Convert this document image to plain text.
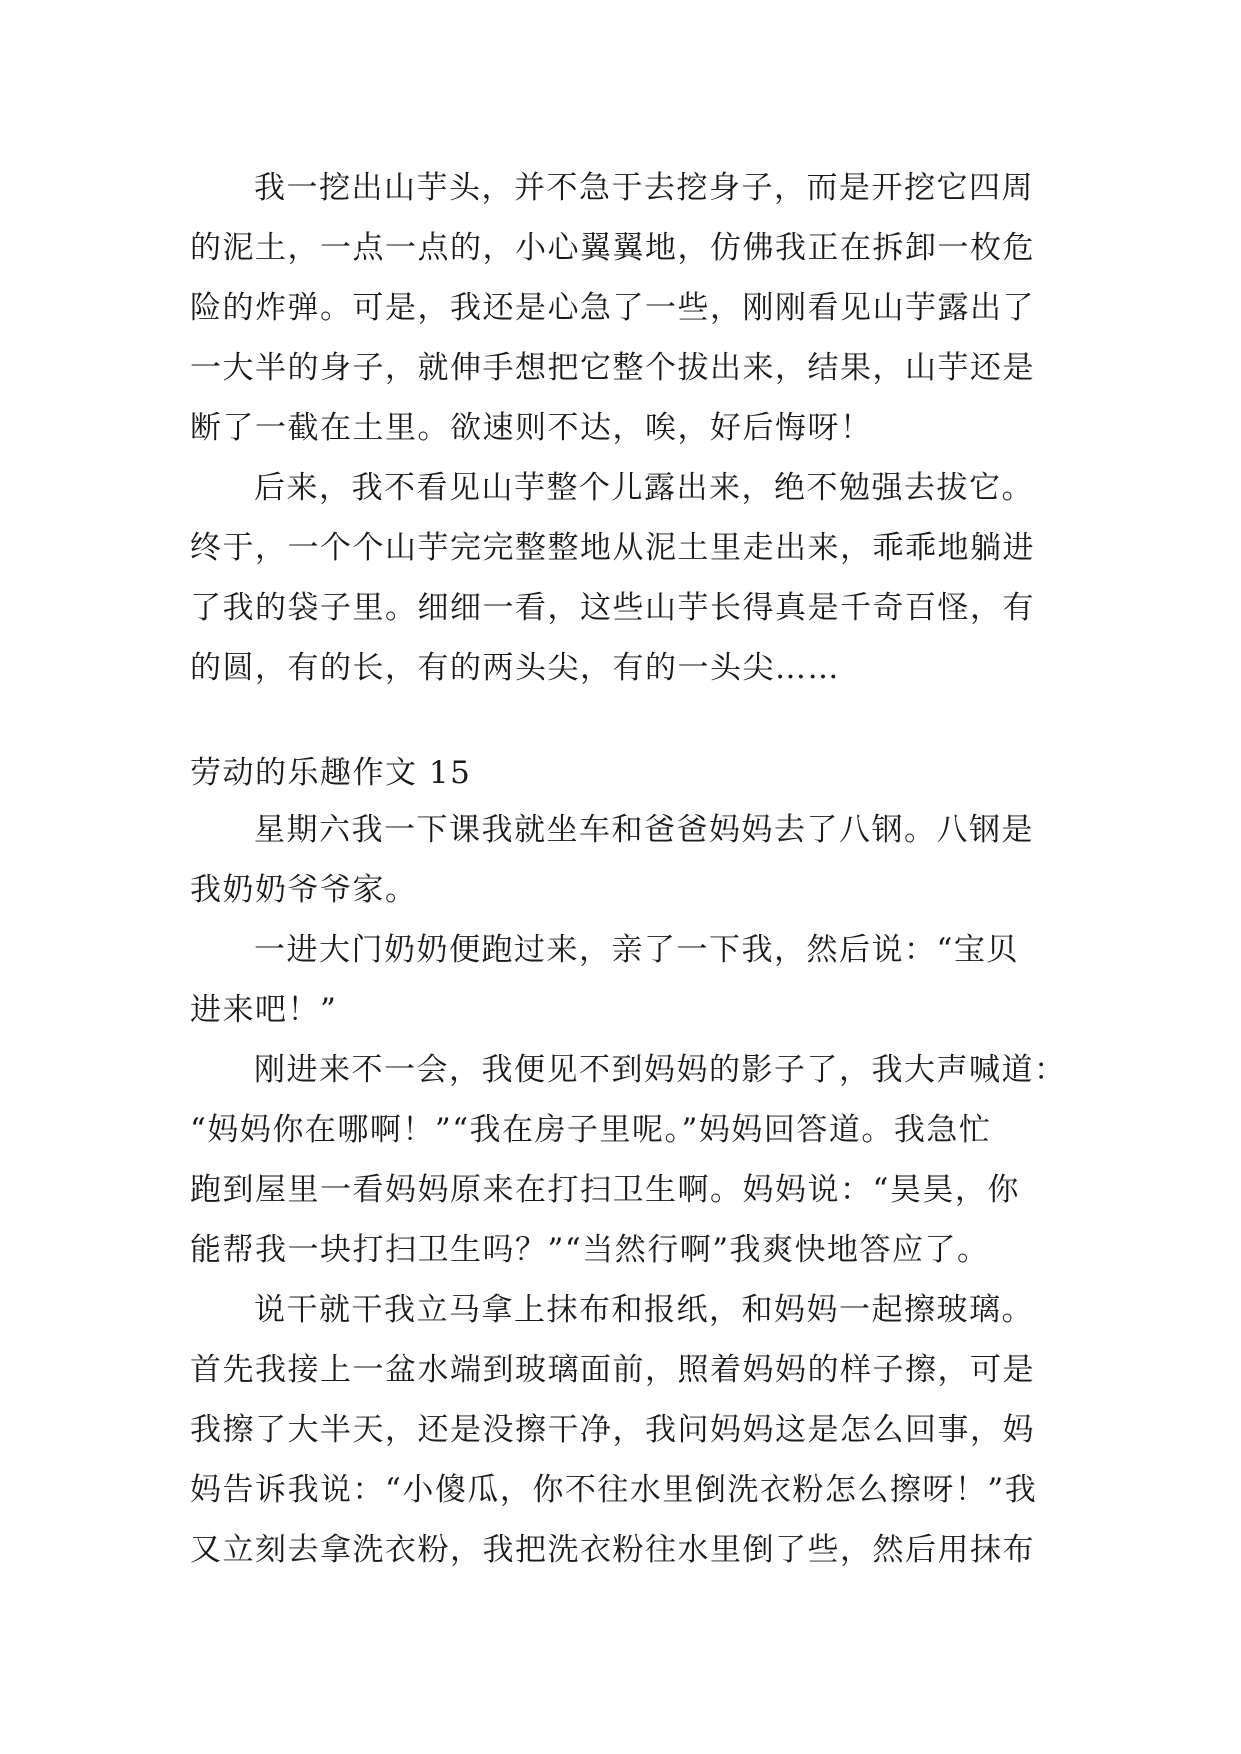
我一挖出山芋头，并不急于去挖身子，而是开挖它四周
的泥土，一点一点的，小心翼翼地，仿佛我正在拆卸一枚危
险的炸弹。可是，我还是心急了一些，刚刚看见山芋露出了
一大半的身子，就伸手想把它整个拔出来，结果，山芋还是
断了一截在土里。欲速则不达，唉，好后悔呀！
后来，我不看见山芋整个儿露出来，绝不勉强去拔它。
终于，一个个山芋完完整整地从泥土里走出来，乖乖地躺进
了我的袋子里。细细一看，这些山芋长得真是千奇百怪，有
的圆，有的长，有的两头尖，有的一头尖……
劳动的乐趣作文 15
星期六我一下课我就坐车和爸爸妈妈去了八钢。八钢是
我奶奶爷爷家。
一进大门奶奶便跑过来，亲了一下我，然后说：“宝贝
进来吧！”
刚进来不一会，我便见不到妈妈的影子了，我大声喊道：
“妈妈你在哪啊！”“我在房子里呢。”妈妈回答道。我急忙
跑到屋里一看妈妈原来在打扫卫生啊。妈妈说：“昊昊，你
能帮我一块打扫卫生吗？”“当然行啊”我爽快地答应了。
说干就干我立马拿上抹布和报纸，和妈妈一起擦玻璃。
首先我接上一盆水端到玻璃面前，照着妈妈的样子擦，可是
我擦了大半天，还是没擦干净，我问妈妈这是怎么回事，妈
妈告诉我说：“小傻瓜，你不往水里倒洗衣粉怎么擦呀！”我
又立刻去拿洗衣粉，我把洗衣粉往水里倒了些，然后用抹布
